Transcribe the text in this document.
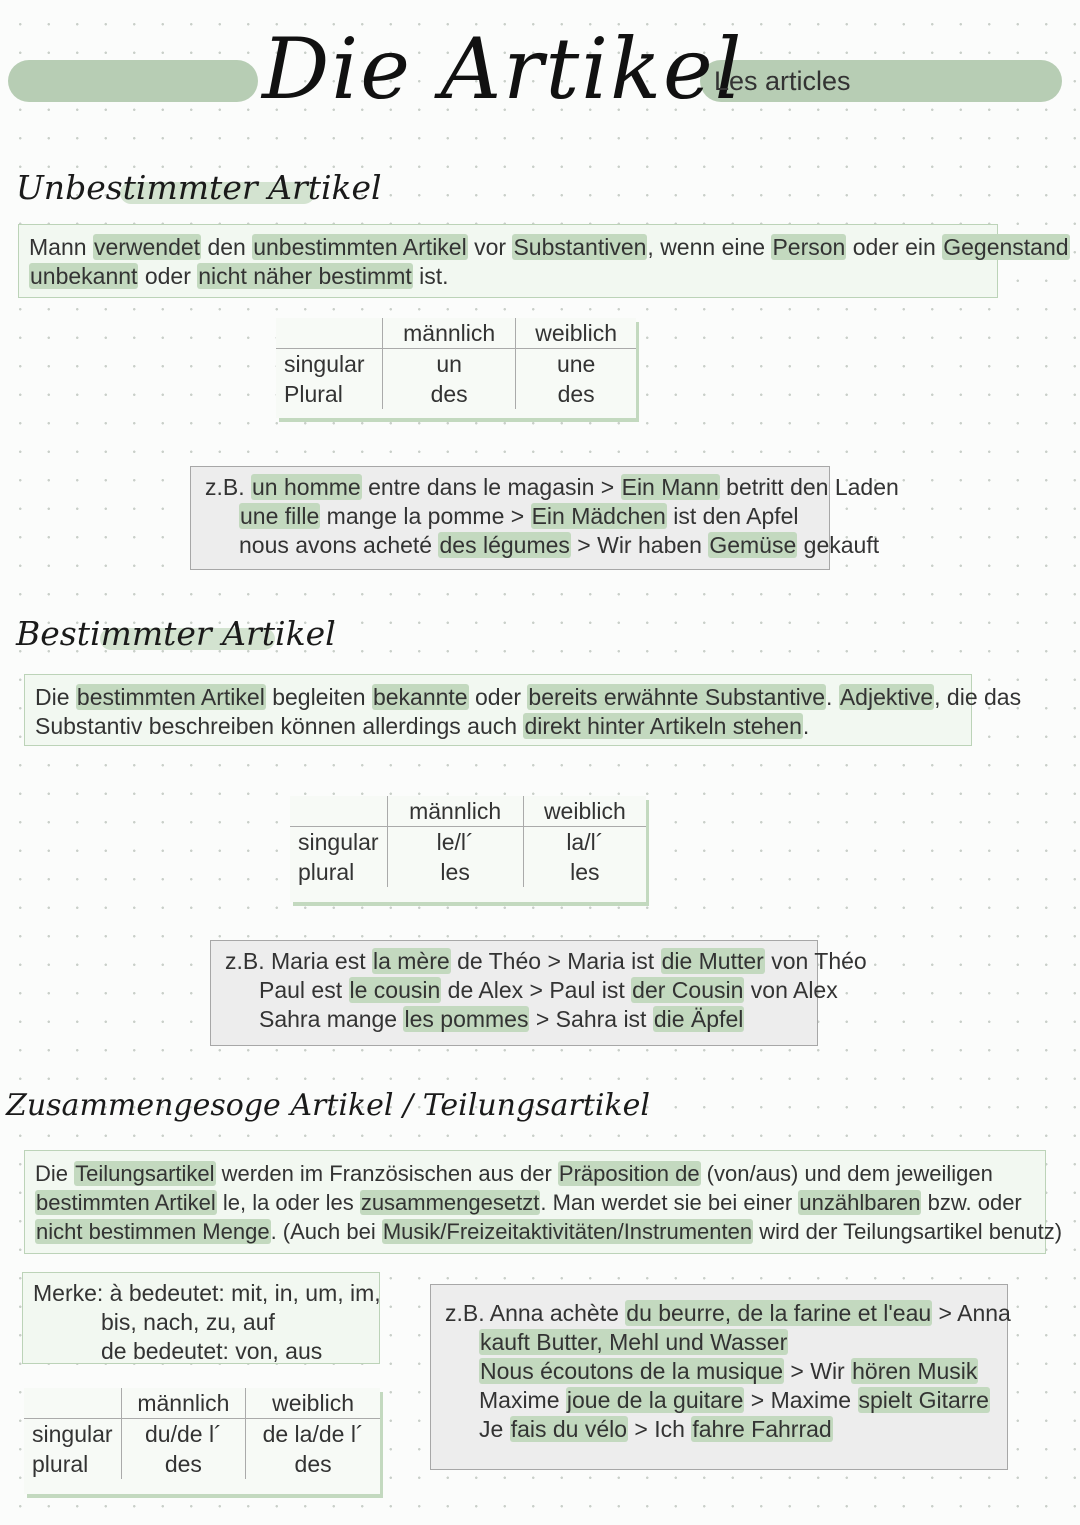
Die Artikel
Les articles
Unbestimmter Artikel
Mann verwendet den unbestimmten Artikel vor Substantiven, wenn eine Person oder ein Gegenstand
unbekannt oder nicht näher bestimmt ist.
	männlich	weiblich
singular	un	une
Plural	des	des
z.B. un homme entre dans le magasin > Ein Mann betritt den Laden
une fille mange la pomme > Ein Mädchen ist den Apfel
nous avons acheté des légumes > Wir haben Gemüse gekauft
Bestimmter Artikel
Die bestimmten Artikel begleiten bekannte oder bereits erwähnte Substantive. Adjektive, die das
Substantiv beschreiben können allerdings auch direkt hinter Artikeln stehen.
	männlich	weiblich
singular	le/l´	la/l´
plural	les	les
z.B. Maria est la mère de Théo > Maria ist die Mutter von Théo
Paul est le cousin de Alex > Paul ist der Cousin von Alex
Sahra mange les pommes > Sahra ist die Äpfel
Zusammengesoge Artikel / Teilungsartikel
Die Teilungsartikel werden im Französischen aus der Präposition de (von/aus) und dem jeweiligen
bestimmten Artikel le, la oder les zusammengesetzt. Man werdet sie bei einer unzählbaren bzw. oder
nicht bestimmen Menge. (Auch bei Musik/Freizeitaktivitäten/Instrumenten wird der Teilungsartikel benutz)
Merke: à bedeutet: mit, in, um, im,
bis, nach, zu, auf
de bedeutet: von, aus
	männlich	weiblich
singular	du/de l´	de la/de l´
plural	des	des
z.B. Anna achète du beurre, de la farine et l'eau > Anna
kauft Butter, Mehl und Wasser
Nous écoutons de la musique > Wir hören Musik
Maxime joue de la guitare > Maxime spielt Gitarre
Je fais du vélo > Ich fahre Fahrrad
